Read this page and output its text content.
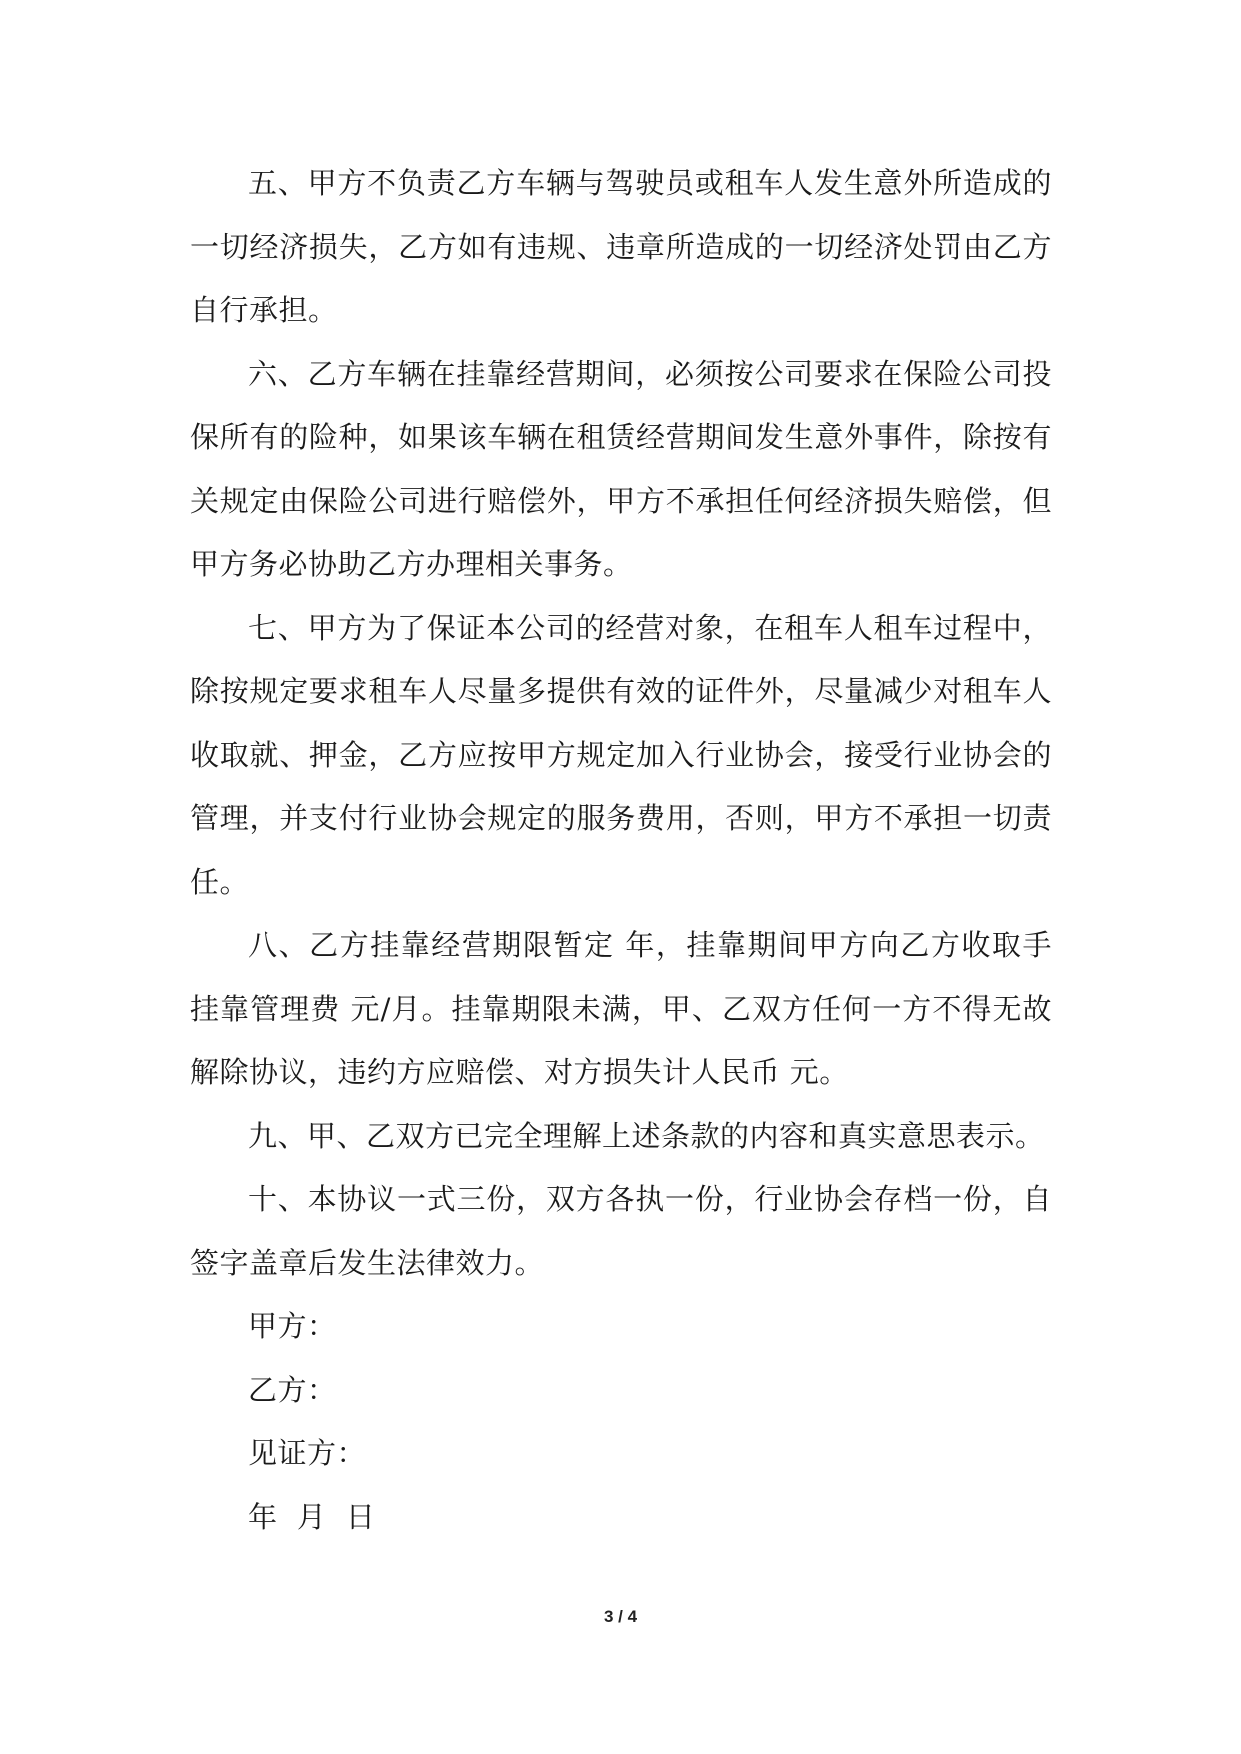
五、甲方不负责乙方车辆与驾驶员或租车人发生意外所造成的一切经济损失，乙方如有违规、违章所造成的一切经济处罚由乙方自行承担。

六、乙方车辆在挂靠经营期间，必须按公司要求在保险公司投保所有的险种，如果该车辆在租赁经营期间发生意外事件，除按有关规定由保险公司进行赔偿外，甲方不承担任何经济损失赔偿，但甲方务必协助乙方办理相关事务。

七、甲方为了保证本公司的经营对象，在租车人租车过程中，除按规定要求租车人尽量多提供有效的证件外，尽量减少对租车人收取就、押金，乙方应按甲方规定加入行业协会，接受行业协会的管理，并支付行业协会规定的服务费用，否则，甲方不承担一切责任。

八、乙方挂靠经营期限暂定 年，挂靠期间甲方向乙方收取手挂靠管理费 元/月。挂靠期限未满，甲、乙双方任何一方不得无故解除协议，违约方应赔偿、对方损失计人民币 元。

九、甲、乙双方已完全理解上述条款的内容和真实意思表示。

十、本协议一式三份，双方各执一份，行业协会存档一份，自签字盖章后发生法律效力。

甲方：

乙方：

见证方：

年  月  日

3 / 4
